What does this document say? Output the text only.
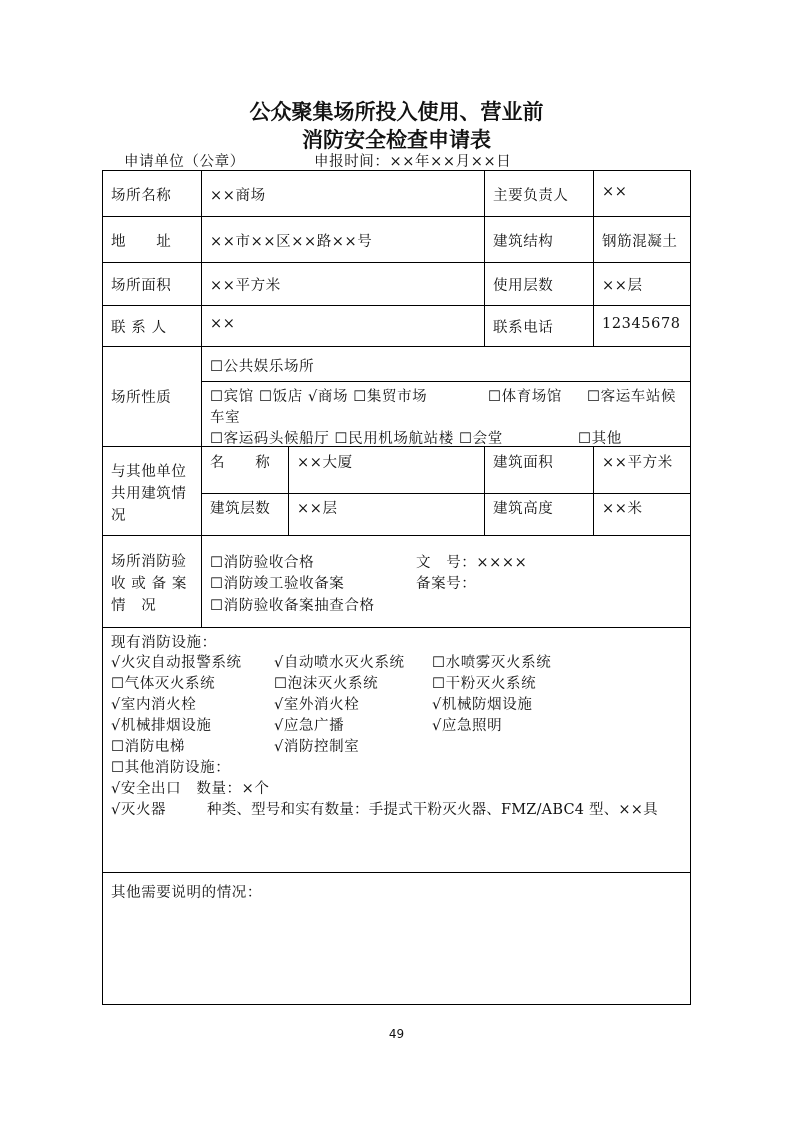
公众聚集场所投入使用、营业前
消防安全检查申请表
申请单位（公章）	申报时间：××年××月××日
场所名称	××商场	主要负责人 ××
地　　址	××市××区××路××号	建筑结构	钢筋混凝土
场所面积	××平方米	使用层数	××层
联 系 人	××	联系电话	12345678
场所性质
☐公共娱乐场所
☐宾馆 ☐饭店 √商场 ☐集贸市场	☐体育场馆 ☐客运车站候
车室
☐客运码头候船厅 ☐民用机场航站楼 ☐会堂	☐其他
与其他单位
共用建筑情
况
名　　称 ××大厦	建筑面积	××平方米
建筑层数 ××层	建筑高度	××米
场所消防验
收 或 备 案
情　况
☐消防验收合格	文　号：××××
☐消防竣工验收备案	备案号：
☐消防验收备案抽查合格
现有消防设施：
√火灾自动报警系统 √自动喷水灭火系统 ☐水喷雾灭火系统
☐气体灭火系统	☐泡沫灭火系统	☐干粉灭火系统
√室内消火栓	√室外消火栓	√机械防烟设施
√机械排烟设施	√应急广播	√应急照明
☐消防电梯	√消防控制室
☐其他消防设施：
√安全出口　数量：×个
√灭火器	种类、型号和实有数量：手提式干粉灭火器、FMZ/ABC4 型、××具
其他需要说明的情况：
49
